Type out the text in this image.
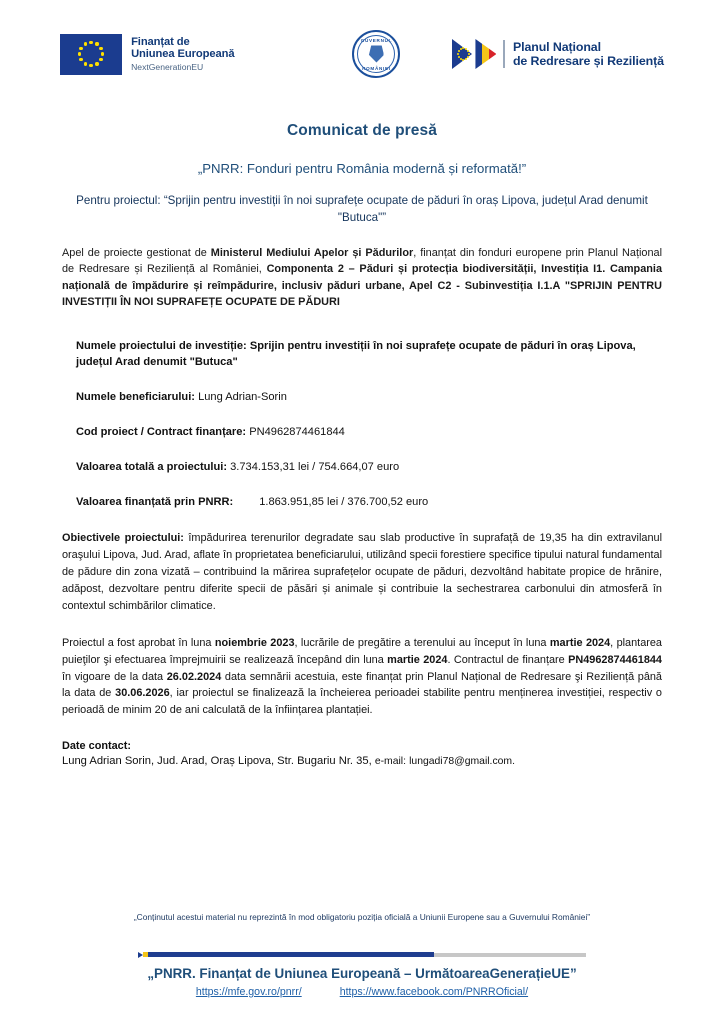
Finanțat de
Uniunea Europeană
NextGenerationEU
GUVERNUL
ROMÂNIEI
Planul Național
de Redresare și Reziliență
Comunicat de presă
„PNRR: Fonduri pentru România modernă și reformată!”
Pentru proiectul: “Sprijin pentru investiții în noi suprafețe ocupate de păduri în oraș Lipova, județul Arad denumit "Butuca"”
Apel de proiecte gestionat de Ministerul Mediului Apelor și Pădurilor, finanțat din fonduri europene prin Planul Național de Redresare și Reziliență al României, Componenta 2 – Păduri și protecția biodiversității, Investiția I1. Campania națională de împădurire și reîmpădurire, inclusiv păduri urbane, Apel C2 - Subinvestiția I.1.A "SPRIJIN PENTRU INVESTIȚII ÎN NOI SUPRAFEȚE OCUPATE DE PĂDURI
Numele proiectului de investiție: Sprijin pentru investiții în noi suprafețe ocupate de păduri în oraș Lipova, județul Arad denumit "Butuca"
Numele beneficiarului: Lung Adrian-Sorin
Cod proiect / Contract finanțare: PN4962874461844
Valoarea totală a proiectului: 3.734.153,31 lei / 754.664,07 euro
Valoarea finanțată prin PNRR: 1.863.951,85 lei / 376.700,52 euro
Obiectivele proiectului: împădurirea terenurilor degradate sau slab productive în suprafață de 19,35 ha din extravilanul oraşului Lipova, Jud. Arad, aflate în proprietatea beneficiarului, utilizând specii forestiere specifice tipului natural fundamental de pădure din zona vizată – contribuind la mărirea suprafețelor ocupate de păduri, dezvoltând habitate propice de hrănire, adăpost, dezvoltare pentru diferite specii de păsări și animale și contribuie la sechestrarea carbonului din atmosferă în contextul schimbărilor climatice.
Proiectul a fost aprobat în luna noiembrie 2023, lucrările de pregătire a terenului au început în luna martie 2024, plantarea puieţilor şi efectuarea împrejmuirii se realizează începând din luna martie 2024. Contractul de finanțare PN4962874461844 în vigoare de la data 26.02.2024 data semnării acestuia, este finanțat prin Planul Național de Redresare şi Reziliență până la data de 30.06.2026, iar proiectul se finalizează la încheierea perioadei stabilite pentru menținerea investiției, respectiv o perioadă de minim 20 de ani calculată de la înființarea plantației.
Date contact:
Lung Adrian Sorin, Jud. Arad, Oraș Lipova, Str. Bugariu Nr. 35, e-mail: lungadi78@gmail.com.
„Conținutul acestui material nu reprezintă în mod obligatoriu poziția oficială a Uniunii Europene sau a Guvernului României”
„PNRR. Finanțat de Uniunea Europeană – UrmătoareaGenerațieUE”
https://mfe.gov.ro/pnrr/	https://www.facebook.com/PNRROficial/
